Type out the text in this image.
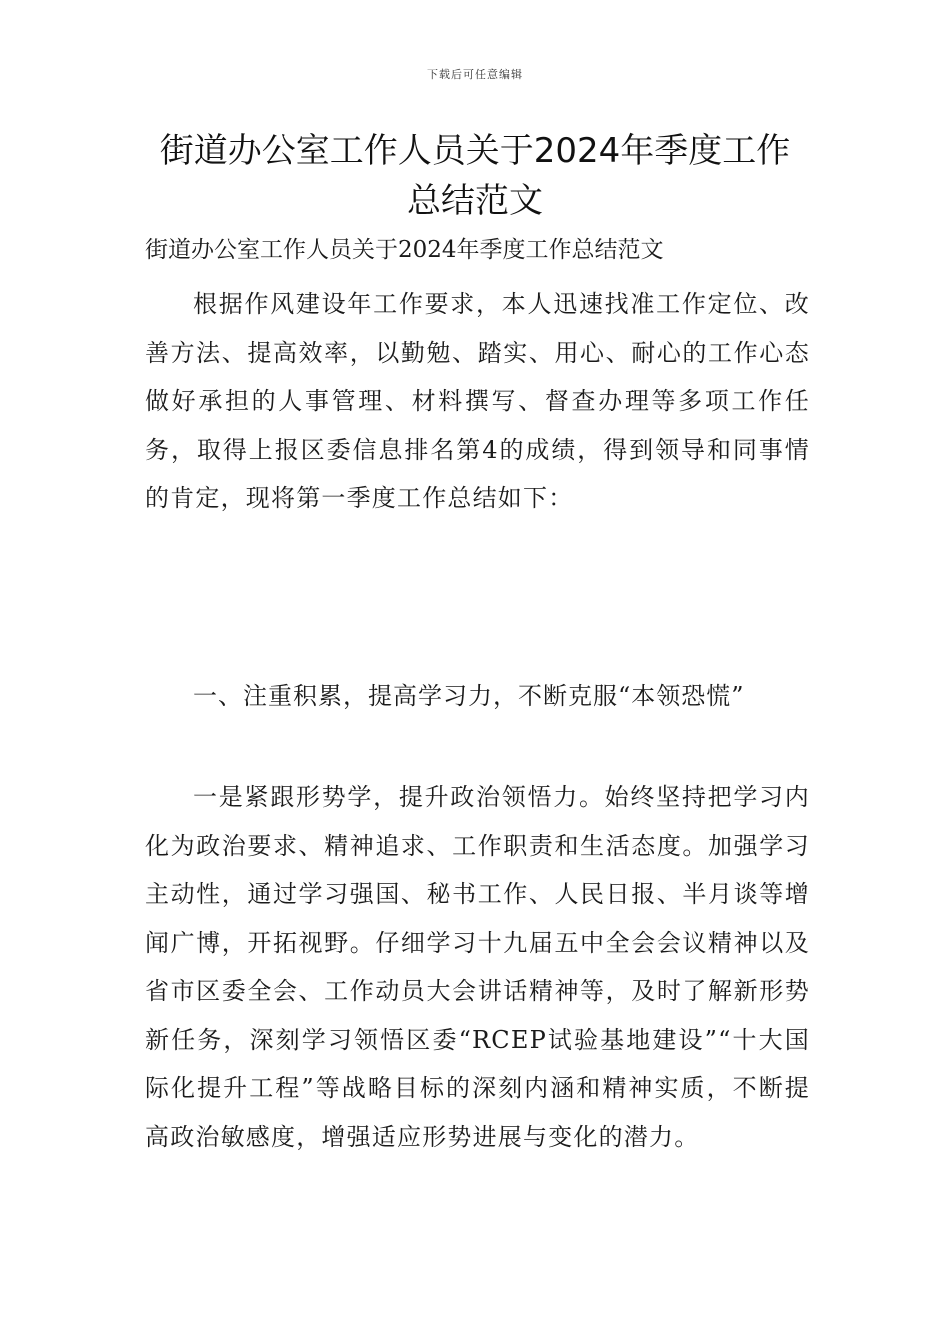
下载后可任意编辑
街道办公室工作人员关于2024年季度工作总结范文

街道办公室工作人员关于2024年季度工作总结范文

根据作风建设年工作要求，本人迅速找准工作定位、改善方法、提高效率，以勤勉、踏实、用心、耐心的工作心态做好承担的人事管理、材料撰写、督查办理等多项工作任务，取得上报区委信息排名第4的成绩，得到领导和同事情的肯定，现将第一季度工作总结如下：

一、注重积累，提高学习力，不断克服“本领恐慌”

一是紧跟形势学，提升政治领悟力。始终坚持把学习内化为政治要求、精神追求、工作职责和生活态度。加强学习主动性，通过学习强国、秘书工作、人民日报、半月谈等增闻广博，开拓视野。仔细学习十九届五中全会会议精神以及省市区委全会、工作动员大会讲话精神等，及时了解新形势新任务，深刻学习领悟区委“RCEP试验基地建设”“十大国际化提升工程”等战略目标的深刻内涵和精神实质，不断提高政治敏感度，增强适应形势进展与变化的潜力。
